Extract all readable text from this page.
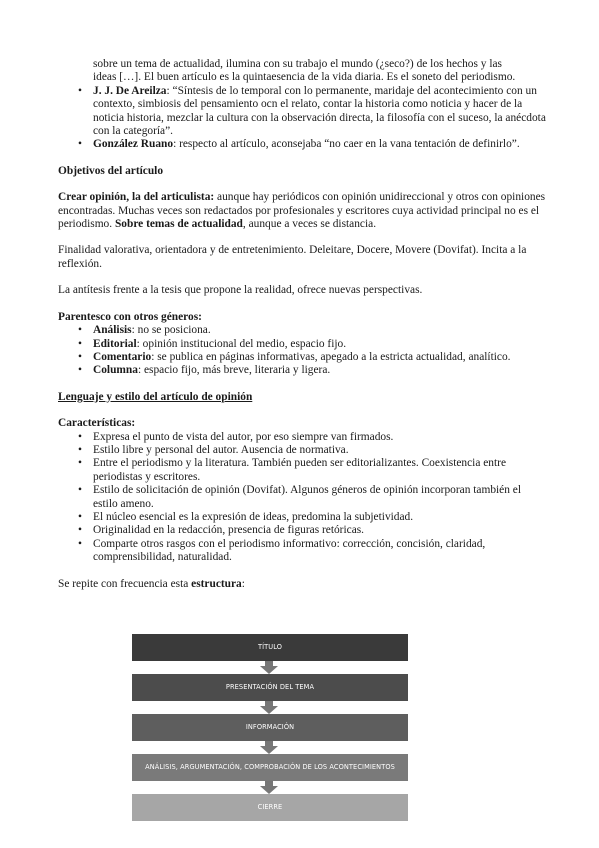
sobre un tema de actualidad, ilumina con su trabajo el mundo (¿seco?) de los hechos y las

ideas […]. El buen artículo es la quintaesencia de la vida diaria. Es el soneto del periodismo.

• J. J. De Areilza: “Síntesis de lo temporal con lo permanente, maridaje del acontecimiento con un contexto, simbiosis del pensamiento ocn el relato, contar la historia como noticia y hacer de la noticia historia, mezclar la cultura con la observación directa, la filosofía con el suceso, la anécdota con la categoría”.
• González Ruano: respecto al artículo, aconsejaba “no caer en la vana tentación de definirlo”.

Objetivos del artículo

Crear opinión, la del articulista: aunque hay periódicos con opinión unidireccional y otros con opiniones encontradas. Muchas veces son redactados por profesionales y escritores cuya actividad principal no es el periodismo. Sobre temas de actualidad, aunque a veces se distancia.

Finalidad valorativa, orientadora y de entretenimiento. Deleitare, Docere, Movere (Dovifat). Incita a la reflexión.

La antítesis frente a la tesis que propone la realidad, ofrece nuevas perspectivas.

Parentesco con otros géneros:

• Análisis: no se posiciona.
• Editorial: opinión institucional del medio, espacio fijo.
• Comentario: se publica en páginas informativas, apegado a la estricta actualidad, analítico.
• Columna: espacio fijo, más breve, literaria y ligera.

Lenguaje y estilo del artículo de opinión

Características:

• Expresa el punto de vista del autor, por eso siempre van firmados.
• Estilo libre y personal del autor. Ausencia de normativa.
• Entre el periodismo y la literatura. También pueden ser editorializantes. Coexistencia entre periodistas y escritores.
• Estilo de solicitación de opinión (Dovifat). Algunos géneros de opinión incorporan también el estilo ameno.
• El núcleo esencial es la expresión de ideas, predomina la subjetividad.
• Originalidad en la redacción, presencia de figuras retóricas.
• Comparte otros rasgos con el periodismo informativo: corrección, concisión, claridad, comprensibilidad, naturalidad.

Se repite con frecuencia esta estructura:

TÍTULO
PRESENTACIÓN DEL TEMA
INFORMACIÓN
ANÁLISIS, ARGUMENTACIÓN, COMPROBACIÓN DE LOS ACONTECIMIENTOS
CIERRE
